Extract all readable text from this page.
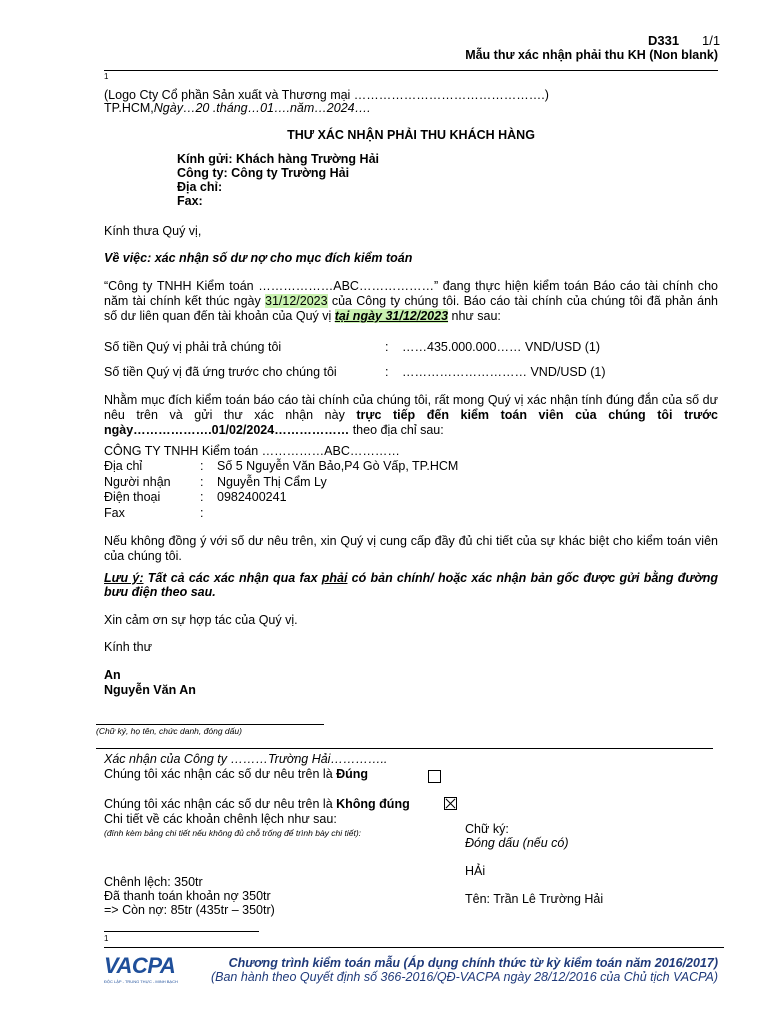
D331 1/1
Mẫu thư xác nhận phải thu KH (Non blank)
1
(Logo Cty Cổ phần Sản xuất và Thương mại ……………………………………….)
TP.HCM,Ngày…20 .tháng…01….năm…2024….
THƯ XÁC NHẬN PHẢI THU KHÁCH HÀNG
Kính gửi: Khách hàng Trường Hải
Công ty: Công ty Trường Hải
Địa chỉ:
Fax:
Kính thưa Quý vị,
Về việc: xác nhận số dư nợ cho mục đích kiểm toán
“Công ty TNHH Kiểm toán ………………ABC………………” đang thực hiện kiểm toán Báo cáo tài chính cho năm tài chính kết thúc ngày 31/12/2023 của Công ty chúng tôi. Báo cáo tài chính của chúng tôi đã phản ánh số dư liên quan đến tài khoản của Quý vị tại ngày 31/12/2023 như sau:
Số tiền Quý vị phải trả chúng tôi	: ……435.000.000…… VND/USD (1)
Số tiền Quý vị đã ứng trước cho chúng tôi	: ………………………… VND/USD (1)
Nhằm mục đích kiểm toán báo cáo tài chính của chúng tôi, rất mong Quý vị xác nhận tính đúng đắn của số dư nêu trên và gửi thư xác nhận này trực tiếp đến kiểm toán viên của chúng tôi trước ngày……………….01/02/2024……………… theo địa chỉ sau:
CÔNG TY TNHH Kiểm toán ……………ABC…………
Địa chỉ	: Số 5 Nguyễn Văn Bảo,P4 Gò Vấp, TP.HCM
Người nhận : Nguyễn Thị Cẩm Ly
Điện thoại	: 0982400241
Fax	:
Nếu không đồng ý với số dư nêu trên, xin Quý vị cung cấp đầy đủ chi tiết của sự khác biệt cho kiểm toán viên của chúng tôi.
Lưu ý: Tất cả các xác nhận qua fax phải có bản chính/ hoặc xác nhận bản gốc được gửi bằng đường bưu điện theo sau.
Xin cảm ơn sự hợp tác của Quý vị.
Kính thư
An
Nguyễn Văn An
(Chữ ký, họ tên, chức danh, đóng dấu)
Xác nhận của Công ty ………Trường Hải…………..
Chúng tôi xác nhận các số dư nêu trên là Đúng

Chúng tôi xác nhận các số dư nêu trên là Không đúng
Chi tiết về các khoản chênh lệch như sau:
(đính kèm bảng chi tiết nếu không đủ chỗ trống để trình bày chi tiết):	Chữ ký:
Đóng dấu (nếu có)
HẢi
Tên: Trần Lê Trường Hải
Chênh lệch: 350tr
Đã thanh toán khoản nợ 350tr
=> Còn nợ: 85tr (435tr – 350tr)
1
VACPA
ĐỘC LẬP - TRUNG THỰC - MINH BẠCH
Chương trình kiểm toán mẫu (Áp dụng chính thức từ kỳ kiểm toán năm 2016/2017)
(Ban hành theo Quyết định số 366-2016/QĐ-VACPA ngày 28/12/2016 của Chủ tịch VACPA)
